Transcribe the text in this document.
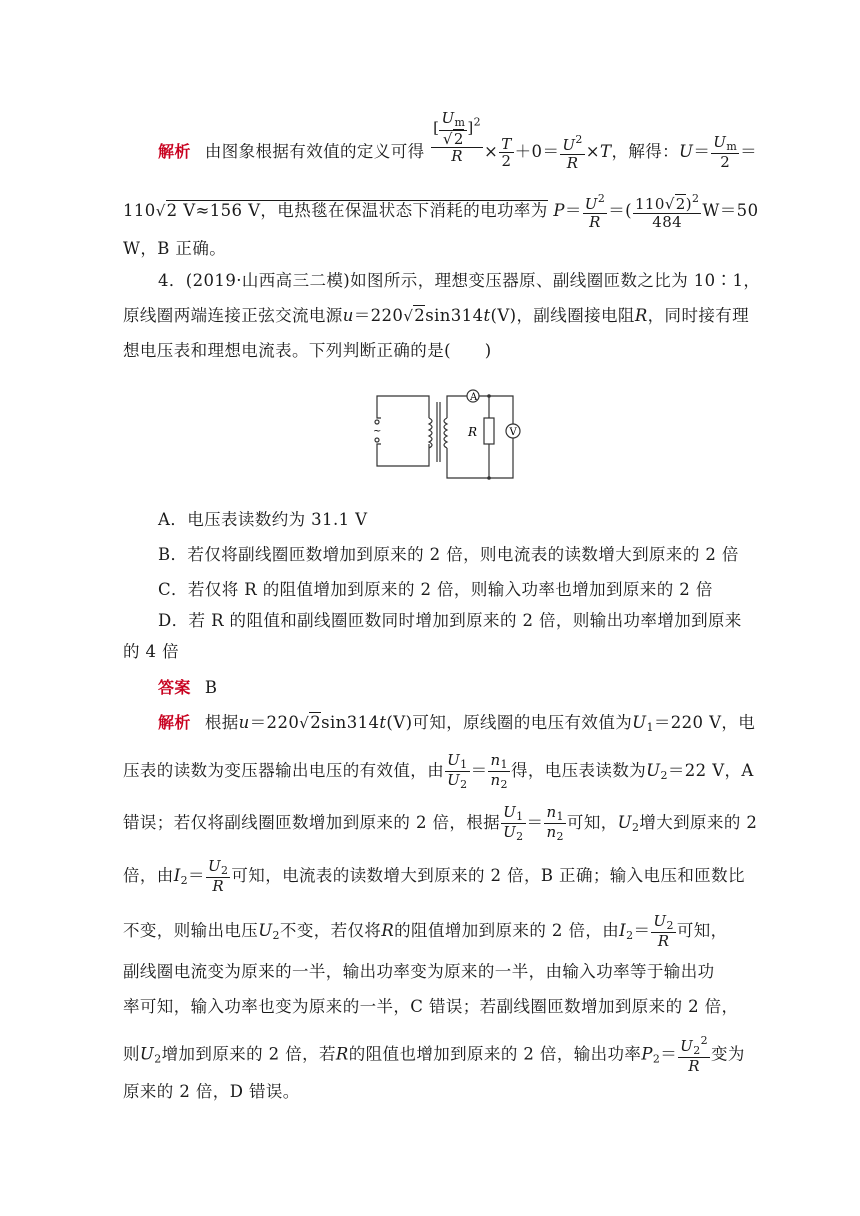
解析 由图象根据有效值的定义可得 $\frac{[ \frac{U_m}{√2} ]^2}{R} \times \frac{T}{2} +0= \frac{U^2}{R} \times T$，解得：$U= \frac{U_m}{2}$ ＝
110√2 V≈156 V，电热毯在保温状态下消耗的电功率为 $P= \frac{U^2}{R}$ ＝( $\frac{110√2)^2}{484} W=50$
W，B 正确。
4．(2019·山西高三二模)如图所示，理想变压器原、副线圈匝数之比为 10∶1，
原线圈两端连接正弦交流电源u＝220√2sin314t(V)，副线圈接电阻R，同时接有理
想电压表和理想电流表。下列判断正确的是(　　)
A
V
R
~
A．电压表读数约为 31.1 V
B．若仅将副线圈匝数增加到原来的 2 倍，则电流表的读数增大到原来的 2 倍
C．若仅将 R 的阻值增加到原来的 2 倍，则输入功率也增加到原来的 2 倍
D．若 R 的阻值和副线圈匝数同时增加到原来的 2 倍，则输出功率增加到原来
的 4 倍
答案 B
解析 根据u＝220√2sin314t(V)可知，原线圈的电压有效值为$U_1=220$ V，电
压表的读数为变压器输出电压的有效值，由 $\frac{U_1}{U_2} = \frac{n_1}{n_2}$ 得，电压表读数为$U_2=22$ V，A
错误；若仅将副线圈匝数增加到原来的 2 倍，根据 $\frac{U_1}{U_2} = \frac{n_1}{n_2}$ 可知，$U_2$增大到原来的 2
倍，由$I_2= \frac{U_2}{R}$ 可知，电流表的读数增大到原来的 2 倍，B 正确；输入电压和匝数比
不变，则输出电压$U_2$不变，若仅将R的阻值增加到原来的 2 倍，由$I_2= \frac{U_2}{R}$ 可知，
副线圈电流变为原来的一半，输出功率变为原来的一半，由输入功率等于输出功
率可知，输入功率也变为原来的一半，C 错误；若副线圈匝数增加到原来的 2 倍，
则$U_2$增加到原来的 2 倍，若R的阻值也增加到原来的 2 倍，输出功率$P_2= \frac{U_2^2}{R}$ 变为
原来的 2 倍，D 错误。
